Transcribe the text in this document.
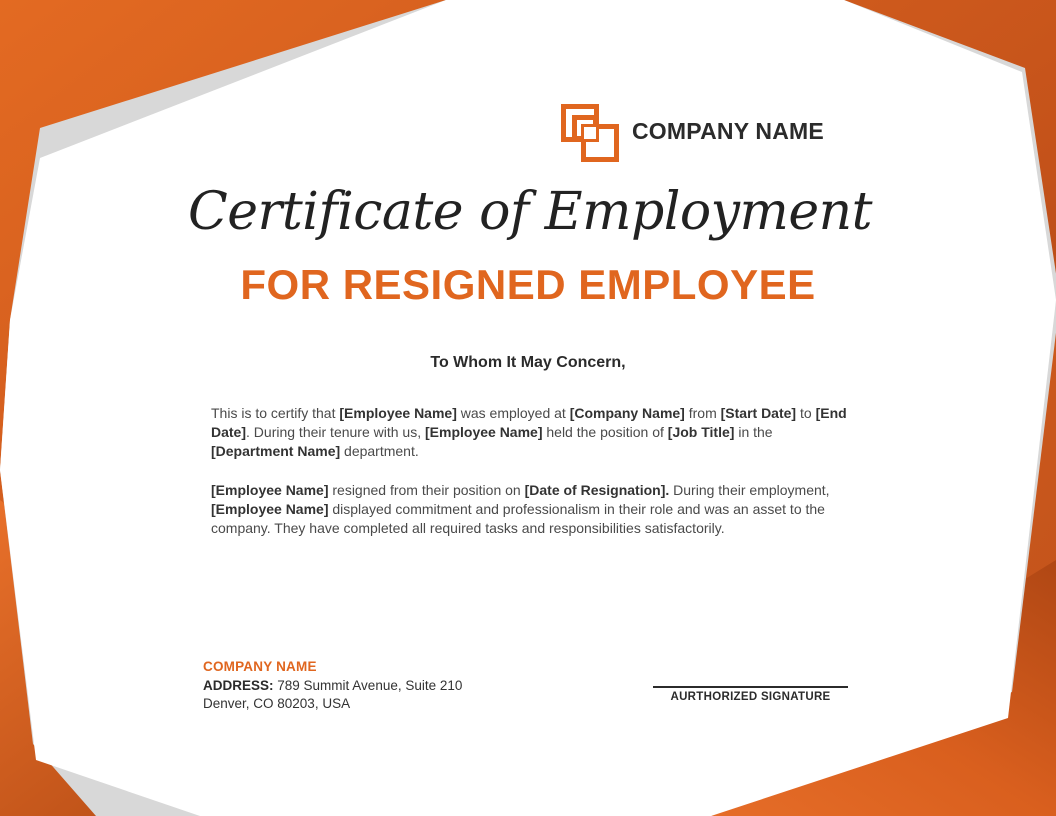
COMPANY NAME
Certificate of Employment
FOR RESIGNED EMPLOYEE
To Whom It May Concern,
This is to certify that [Employee Name] was employed at [Company Name] from [Start Date] to [End Date]. During their tenure with us, [Employee Name] held the position of [Job Title] in the [Department Name] department.
[Employee Name] resigned from their position on [Date of Resignation]. During their employment, [Employee Name] displayed commitment and professionalism in their role and was an asset to the company. They have completed all required tasks and responsibilities satisfactorily.
COMPANY NAME
ADDRESS: 789 Summit Avenue, Suite 210
Denver, CO 80203, USA	AURTHORIZED SIGNATURE
